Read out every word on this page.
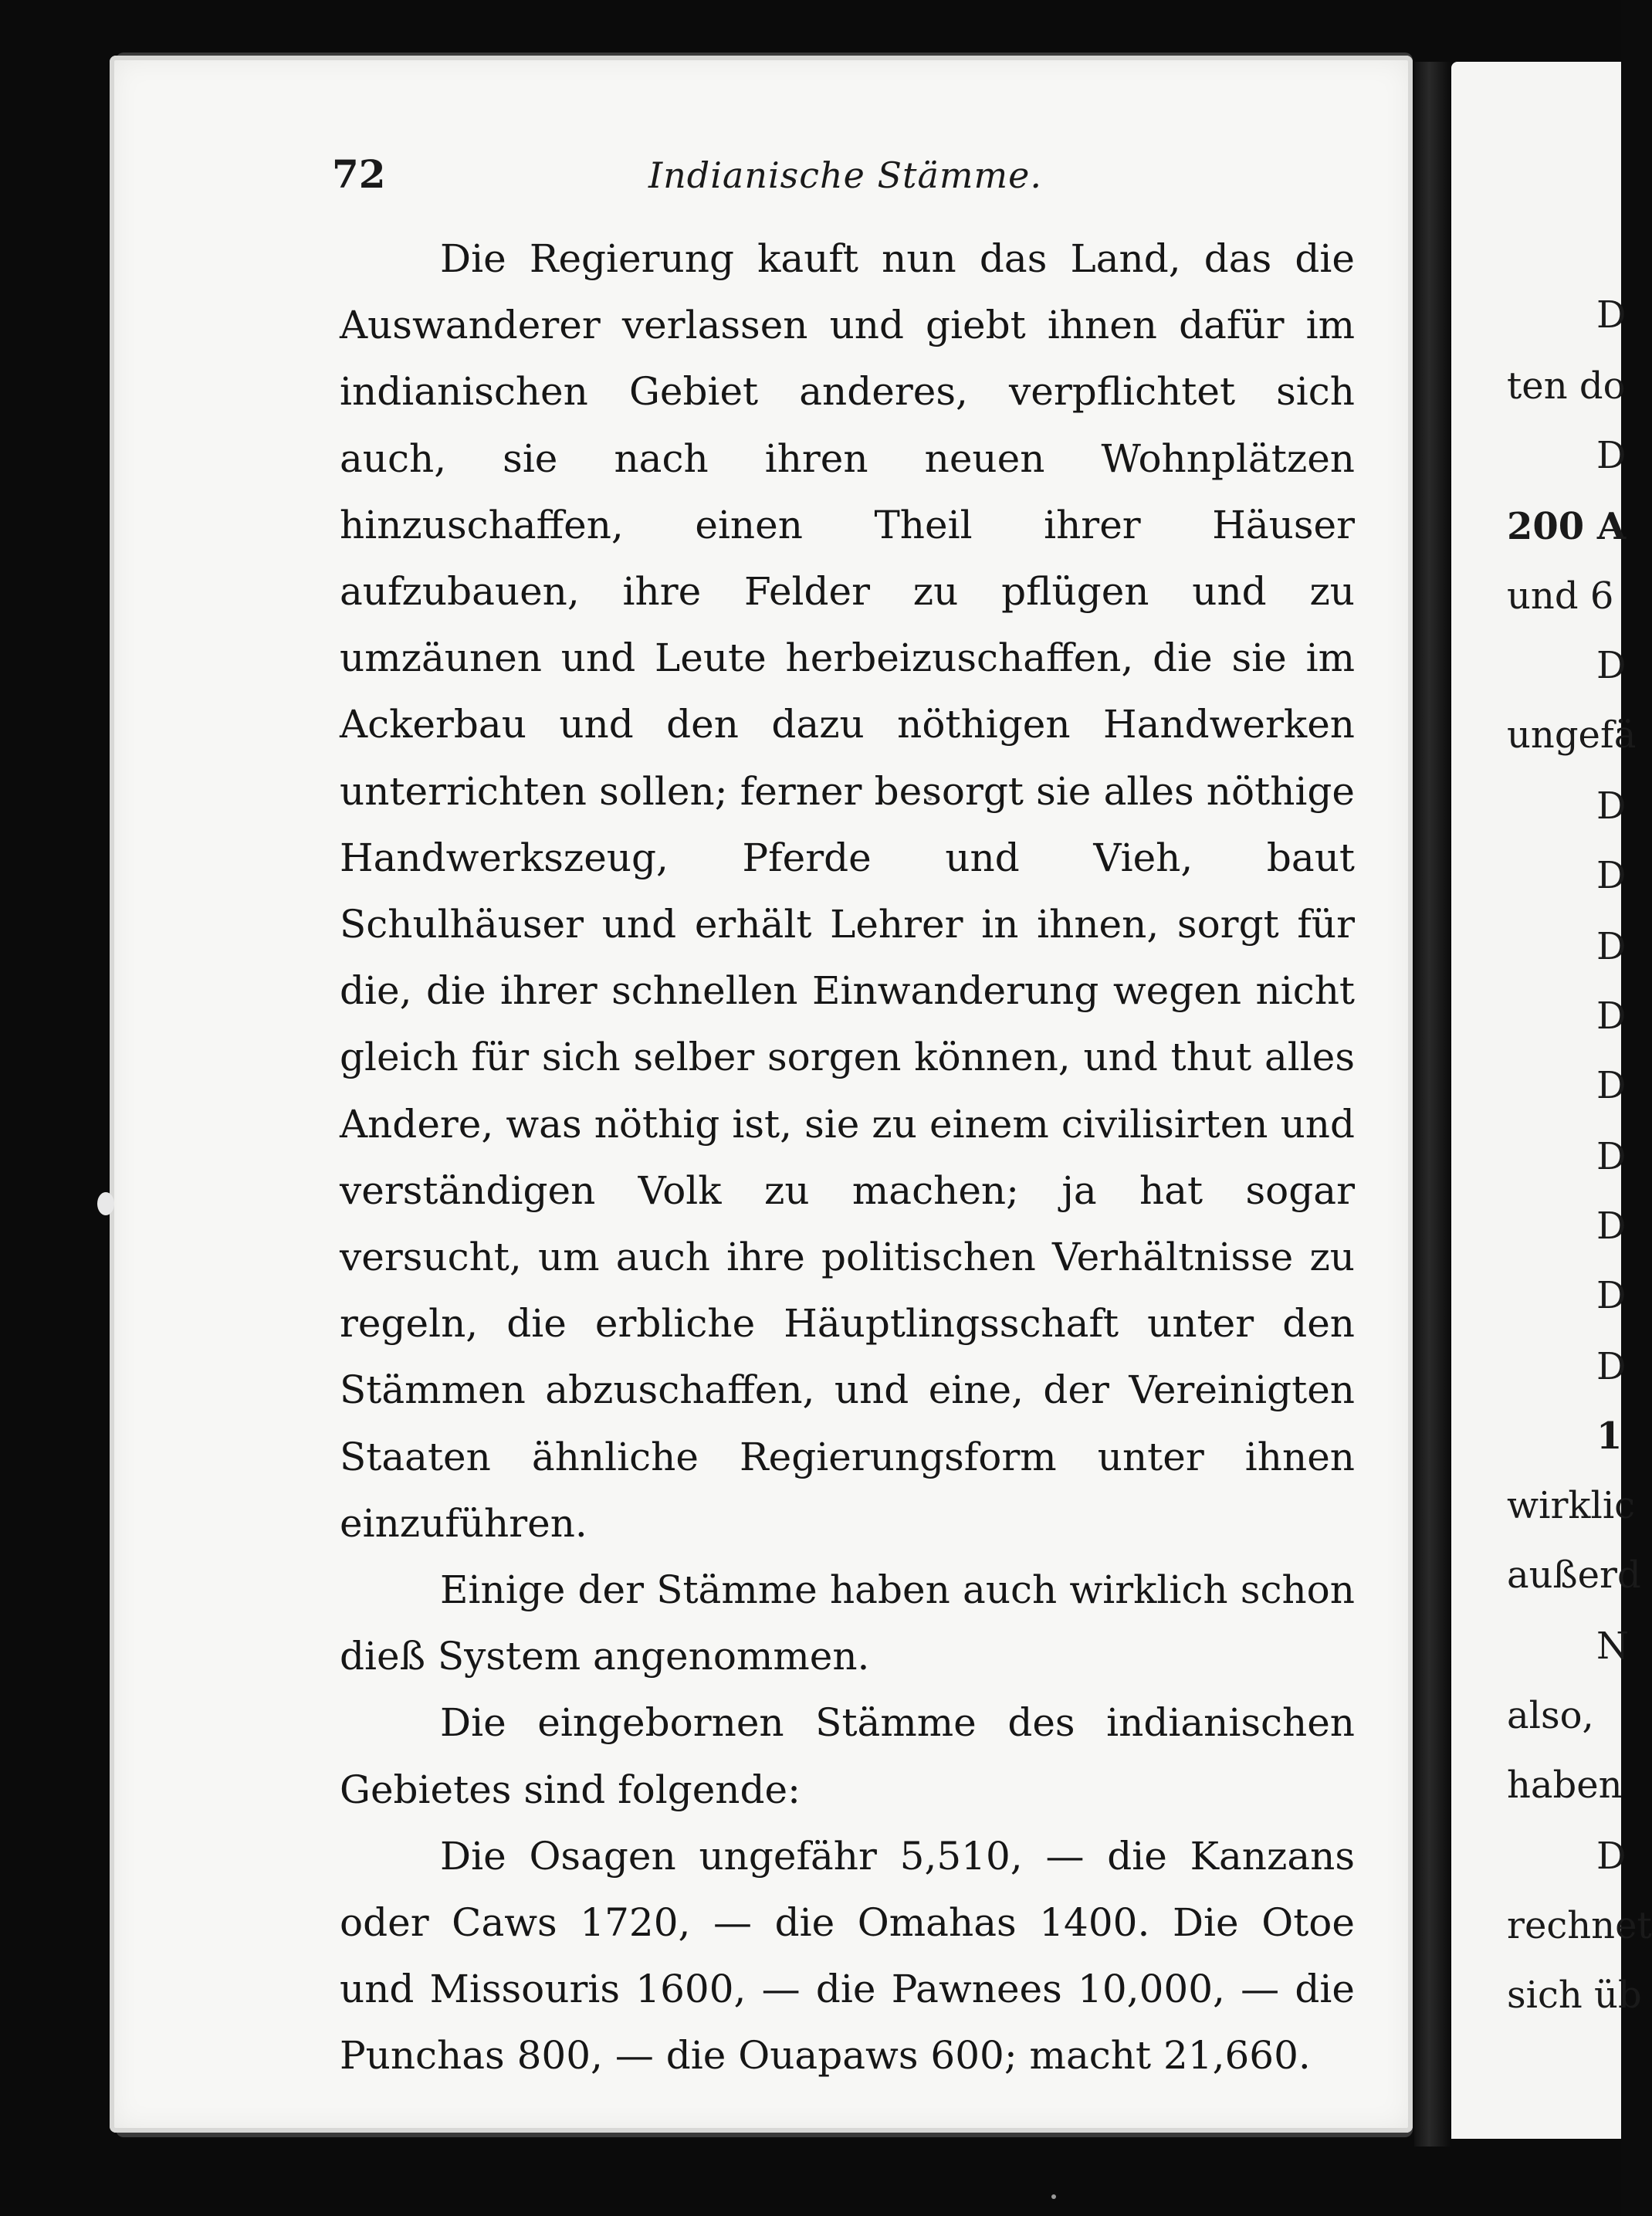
D
ten do
D
200 A
und 6
D
ungefä
D
D
D
D
D
D
D
D
D
1
wirklic
außerd
N
also,
haben
D
rechnet
sich üb
72	Indianische Stämme.

Die Regierung kauft nun das Land, das die Auswanderer verlassen und giebt ihnen dafür im indianischen Gebiet anderes, verpflichtet sich auch, sie nach ihren neuen Wohnplätzen hinzuschaffen, einen Theil ihrer Häuser aufzubauen, ihre Felder zu pflügen und zu umzäunen und Leute herbeizuschaffen, die sie im Ackerbau und den dazu nöthigen Handwerken unterrichten sollen; ferner besorgt sie alles nöthige Handwerkszeug, Pferde und Vieh, baut Schulhäuser und erhält Lehrer in ihnen, sorgt für die, die ihrer schnellen Einwanderung wegen nicht gleich für sich selber sorgen können, und thut alles Andere, was nöthig ist, sie zu einem civilisirten und verständigen Volk zu machen; ja hat sogar versucht, um auch ihre politischen Verhältnisse zu regeln, die erbliche Häuptlingsschaft unter den Stämmen abzuschaffen, und eine, der Vereinigten Staaten ähnliche Regierungsform unter ihnen einzuführen.

Einige der Stämme haben auch wirklich schon dieß System angenommen.

Die eingebornen Stämme des indianischen Gebietes sind folgende:

Die Osagen ungefähr 5,510, — die Kanzans oder Caws 1720, — die Omahas 1400. Die Otoe und Missouris 1600, — die Pawnees 10,000, — die Punchas 800, — die Ouapaws 600; macht 21,660.
